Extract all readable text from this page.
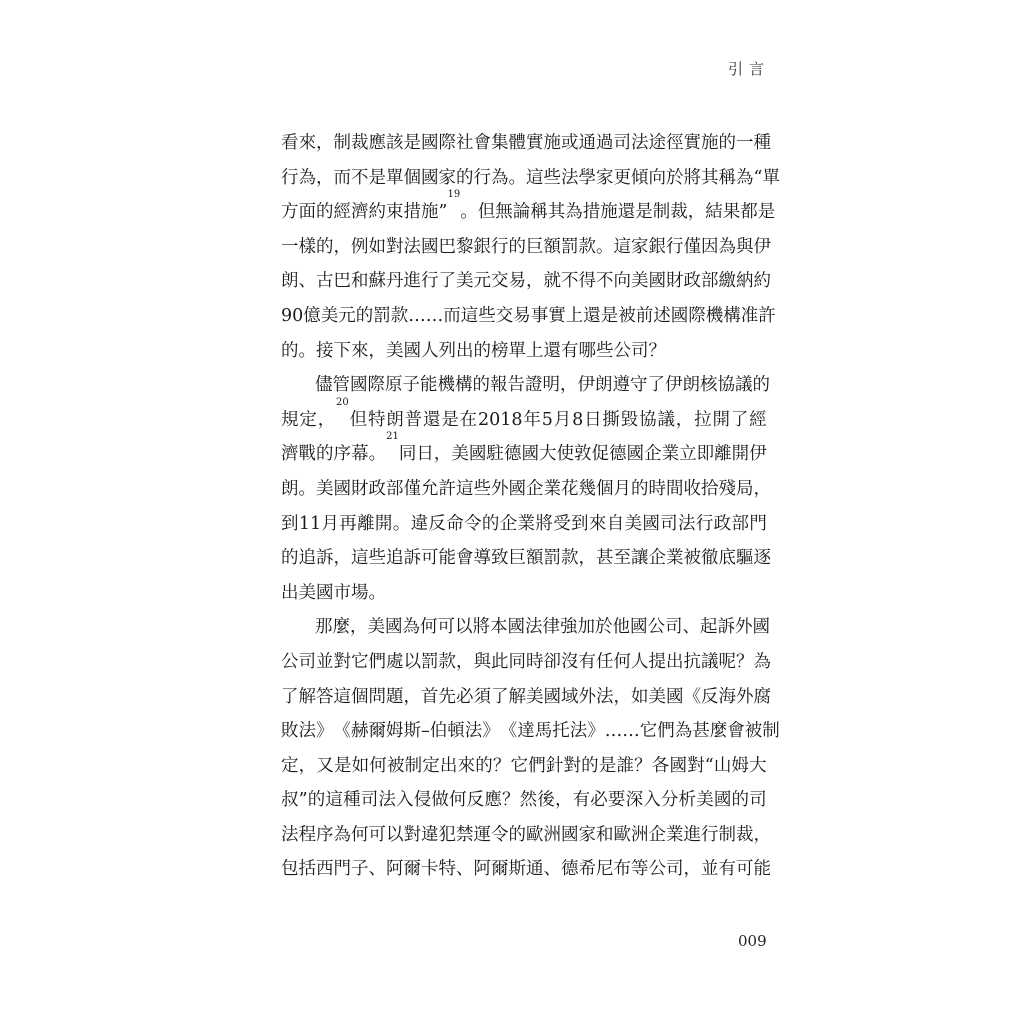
引言
看 來 ， 制 裁 應 該 是 國 際 社 會 集 體 實 施 或 通 過 司 法 途 徑 實 施 的 一 種
行 為 ， 而 不 是 單 個 國 家 的 行 為 。 這 些 法 學 家 更 傾 向 於 將 其 稱 為 “ 單
方 面 的 經 濟 約 束 措 施 ”
19
。 但 無 論 稱 其 為 措 施 還 是 制 裁 ， 結 果 都 是
一 樣 的 ， 例 如 對 法 國 巴 黎 銀 行 的 巨 額 罰 款 。 這 家 銀 行 僅 因 為 與 伊
朗 、 古 巴 和 蘇 丹 進 行 了 美 元 交 易 ， 就 不 得 不 向 美 國 財 政 部 繳 納 約
90 億 美 元 的 罰 款 … … 而 這 些 交 易 事 實 上 還 是 被 前 述 國 際 機 構 准 許
的 。 接 下 來 ， 美 國 人 列 出 的 榜 單 上 還 有 哪 些 公 司 ？
儘 管 國 際 原 子 能 機 構 的 報 告 證 明 ， 伊 朗 遵 守 了 伊 朗 核 協 議 的
規 定 ，
20
但 特 朗 普 還 是 在 2018 年 5 月 8 日 撕 毀 協 議 ， 拉 開 了 經
濟 戰 的 序 幕 。
21
同 日 ， 美 國 駐 德 國 大 使 敦 促 德 國 企 業 立 即 離 開 伊
朗 。 美 國 財 政 部 僅 允 許 這 些 外 國 企 業 花 幾 個 月 的 時 間 收 拾 殘 局 ，
到 11 月 再 離 開 。 違 反 命 令 的 企 業 將 受 到 來 自 美 國 司 法 行 政 部 門
的 追 訴 ， 這 些 追 訴 可 能 會 導 致 巨 額 罰 款 ， 甚 至 讓 企 業 被 徹 底 驅 逐
出 美 國 市 場 。
那 麼 ， 美 國 為 何 可 以 將 本 國 法 律 強 加 於 他 國 公 司 、 起 訴 外 國
公 司 並 對 它 們 處 以 罰 款 ， 與 此 同 時 卻 沒 有 任 何 人 提 出 抗 議 呢 ？ 為
了 解 答 這 個 問 題 ， 首 先 必 須 了 解 美 國 域 外 法 ， 如 美 國 《 反 海 外 腐
敗 法 》 《 赫 爾 姆 斯 – 伯 頓 法 》 《 達 馬 托 法 》 … … 它 們 為 甚 麼 會 被 制
定 ， 又 是 如 何 被 制 定 出 來 的 ？ 它 們 針 對 的 是 誰 ？ 各 國 對 “ 山 姆 大
叔 ” 的 這 種 司 法 入 侵 做 何 反 應 ？ 然 後 ， 有 必 要 深 入 分 析 美 國 的 司
法 程 序 為 何 可 以 對 違 犯 禁 運 令 的 歐 洲 國 家 和 歐 洲 企 業 進 行 制 裁 ，
包 括 西 門 子 、 阿 爾 卡 特 、 阿 爾 斯 通 、 德 希 尼 布 等 公 司 ， 並 有 可 能
009
